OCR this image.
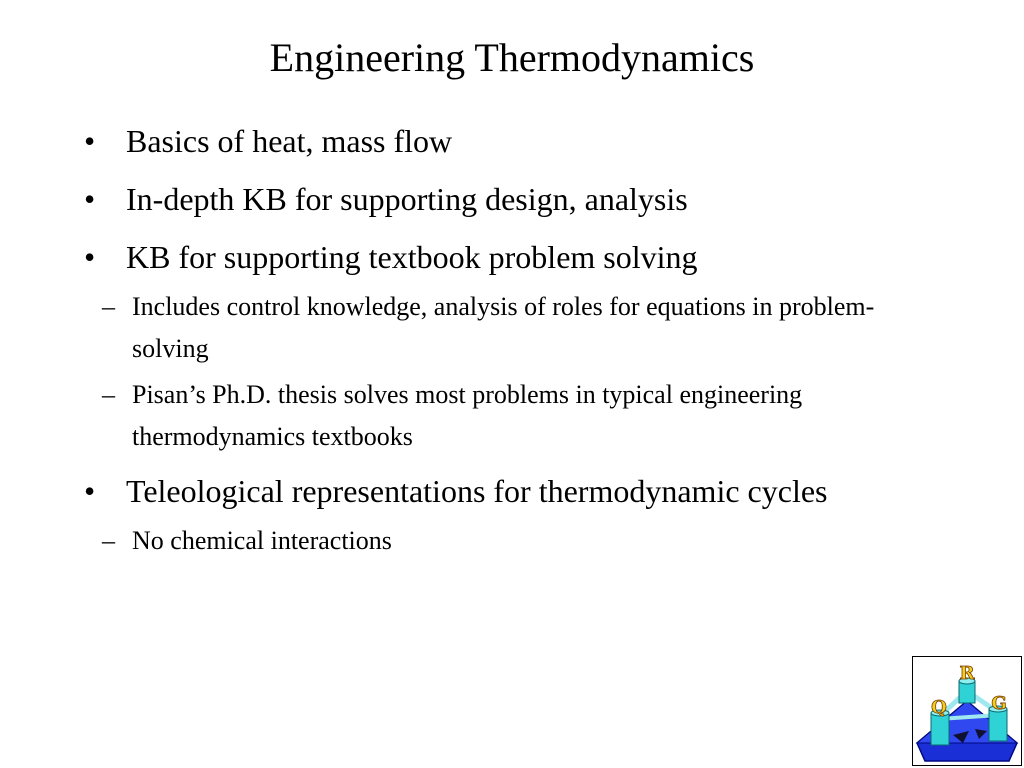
Engineering Thermodynamics
• Basics of heat, mass flow
• In-depth KB for supporting design, analysis
• KB for supporting textbook problem solving
– Includes control knowledge, analysis of roles for equations in problem-solving
– Pisan’s Ph.D. thesis solves most problems in typical engineering thermodynamics textbooks
• Teleological representations for thermodynamic cycles
– No chemical interactions
R
Q G
